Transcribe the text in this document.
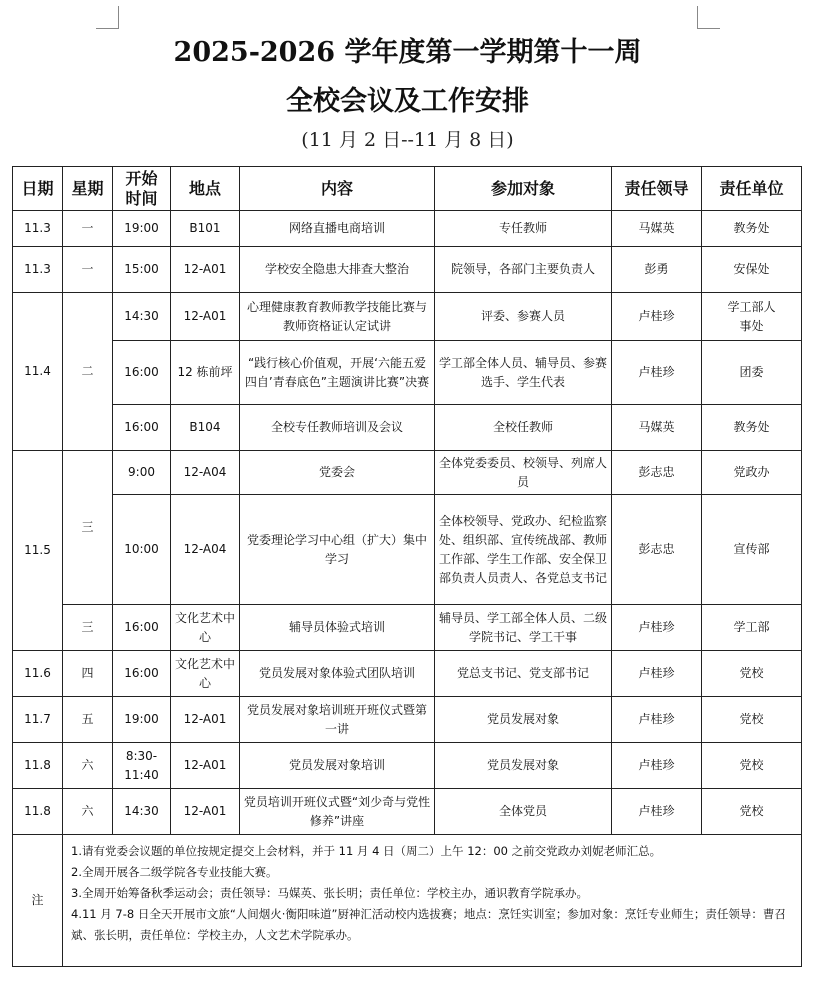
2025-2026 学年度第一学期第十一周
全校会议及工作安排
(11 月 2 日--11 月 8 日)
日期	星期	开始时间	地点	内容	参加对象	责任领导	责任单位
11.3	一	19:00	B101	网络直播电商培训	专任教师	马媒英	教务处
11.3	一	15:00	12-A01	学校安全隐患大排查大整治	院领导，各部门主要负责人	彭勇	安保处
11.4	二	14:30	12-A01	心理健康教育教师教学技能比赛与教师资格证认定试讲	评委、参赛人员	卢桂珍	学工部人事处
		16:00	12 栋前坪	“践行核心价值观，开展‘六能五爱四自’青春底色”主题演讲比赛”决赛	学工部全体人员、辅导员、参赛选手、学生代表	卢桂珍	团委
		16:00	B104	全校专任教师培训及会议	全校任教师	马媒英	教务处
11.5	三	9:00	12-A04	党委会	全体党委委员、校领导、列席人员	彭志忠	党政办
		10:00	12-A04	党委理论学习中心组（扩大）集中学习	全体校领导、党政办、纪检监察处、组织部、宣传统战部、教师工作部、学生工作部、安全保卫部负责人员责人、各党总支书记	彭志忠	宣传部
	三	16:00	文化艺术中心	辅导员体验式培训	辅导员、学工部全体人员、二级学院书记、学工干事	卢桂珍	学工部
11.6	四	16:00	文化艺术中心	党员发展对象体验式团队培训	党总支书记、党支部书记	卢桂珍	党校
11.7	五	19:00	12-A01	党员发展对象培训班开班仪式暨第一讲	党员发展对象	卢桂珍	党校
11.8	六	8:30-11:40	12-A01	党员发展对象培训	党员发展对象	卢桂珍	党校
11.8	六	14:30	12-A01	党员培训开班仪式暨“刘少奇与党性修养”讲座	全体党员	卢桂珍	党校
注	1.请有党委会议题的单位按规定提交上会材料，并于 11 月 4 日（周二）上午 12：00 之前交党政办刘妮老师汇总。
2.全周开展各二级学院各专业技能大赛。
3.全周开始筹备秋季运动会；责任领导：马媒英、张长明；责任单位：学校主办，通识教育学院承办。
4.11 月 7-8 日全天开展市文旅“人间烟火·衡阳味道”厨神汇活动校内选拔赛；地点：烹饪实训室；参加对象：烹饪专业师生；责任领导：曹召斌、张长明，责任单位：学校主办，人文艺术学院承办。						
